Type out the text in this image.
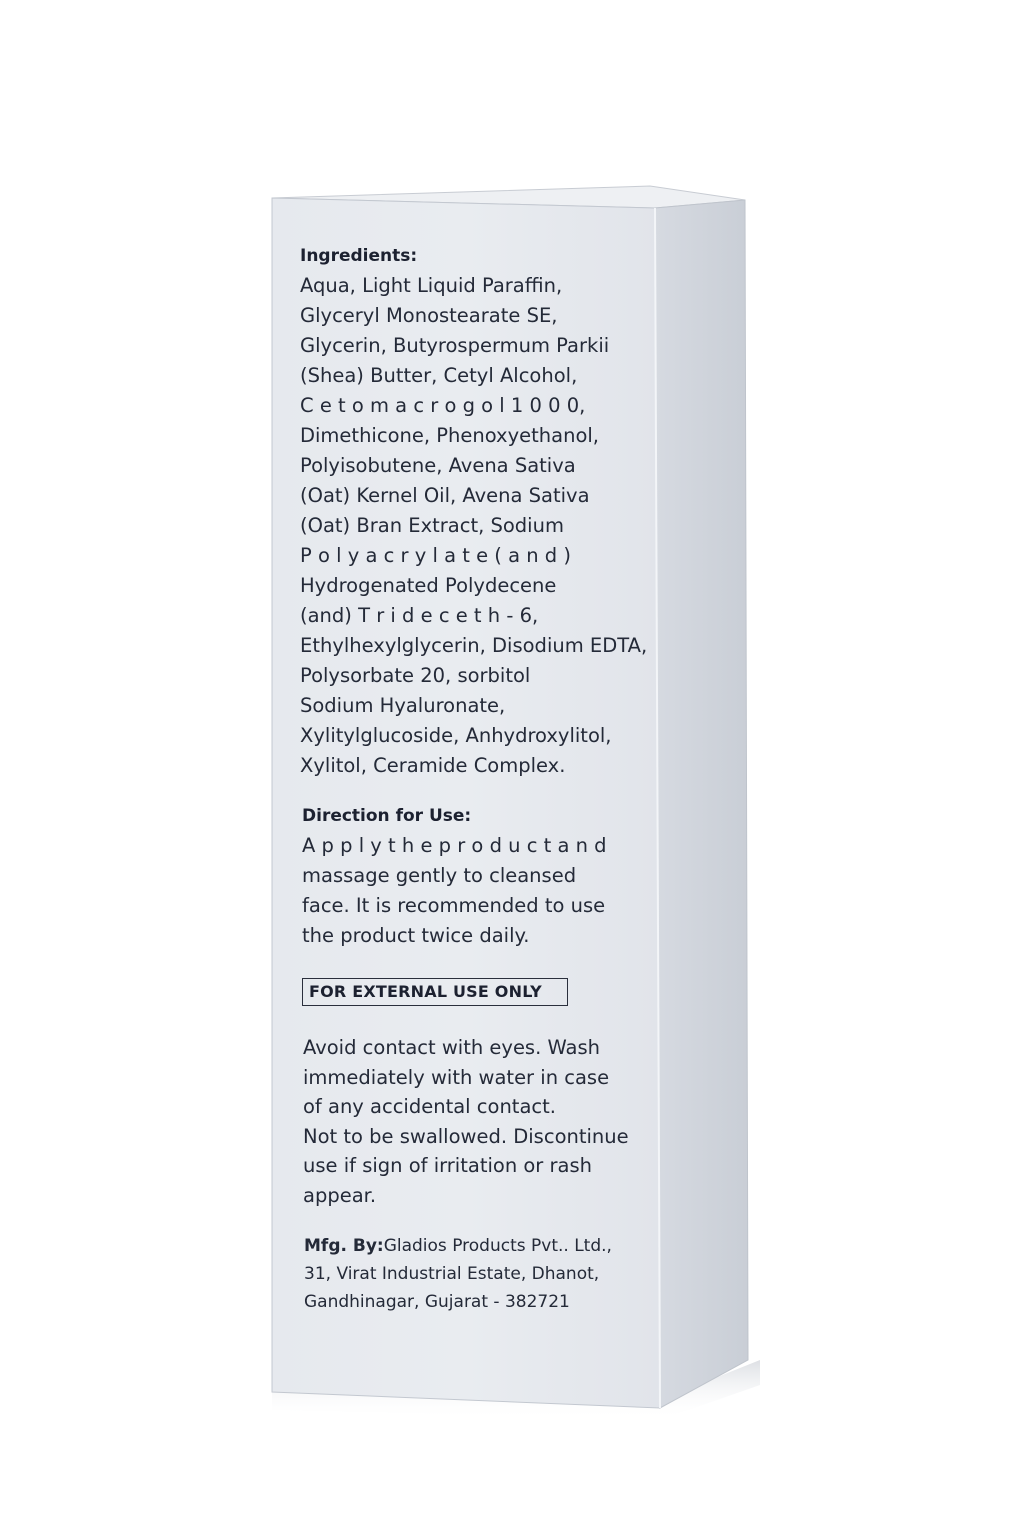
Ingredients:
Aqua, Light Liquid Paraffin,
Glyceryl Monostearate SE,
Glycerin, Butyrospermum Parkii
(Shea) Butter, Cetyl Alcohol,
C e t o m a c r o g o l 1 0 0 0,
Dimethicone, Phenoxyethanol,
Polyisobutene, Avena Sativa
(Oat) Kernel Oil, Avena Sativa
(Oat) Bran Extract, Sodium
P o l y a c r y l a t e ( a n d )
Hydrogenated Polydecene
(and) T r i d e c e t h - 6,
Ethylhexylglycerin, Disodium EDTA,
Polysorbate 20, sorbitol
Sodium Hyaluronate,
Xylitylglucoside, Anhydroxylitol,
Xylitol, Ceramide Complex.
Direction for Use:
A p p l y t h e p r o d u c t a n d
massage gently to cleansed
face. It is recommended to use
the product twice daily.
FOR EXTERNAL USE ONLY
Avoid contact with eyes. Wash
immediately with water in case
of any accidental contact.
Not to be swallowed. Discontinue
use if sign of irritation or rash
appear.
Mfg. By:Gladios Products Pvt.. Ltd.,
31, Virat Industrial Estate, Dhanot,
Gandhinagar, Gujarat - 382721
